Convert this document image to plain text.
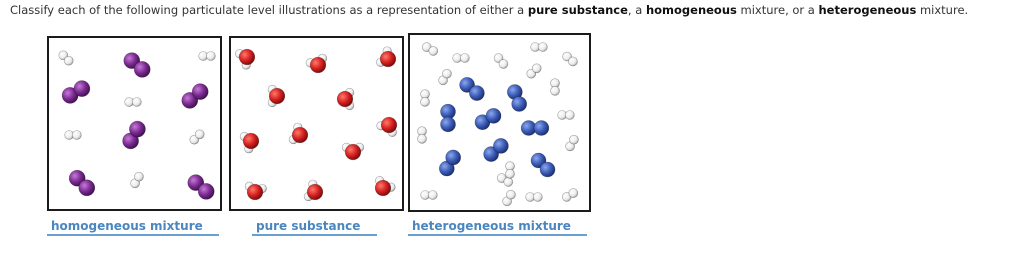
Classify each of the following particulate level illustrations as a representation of either a pure substance, a homogeneous mixture, or a heterogeneous mixture.
homogeneous mixture	pure substance	heterogeneous mixture
